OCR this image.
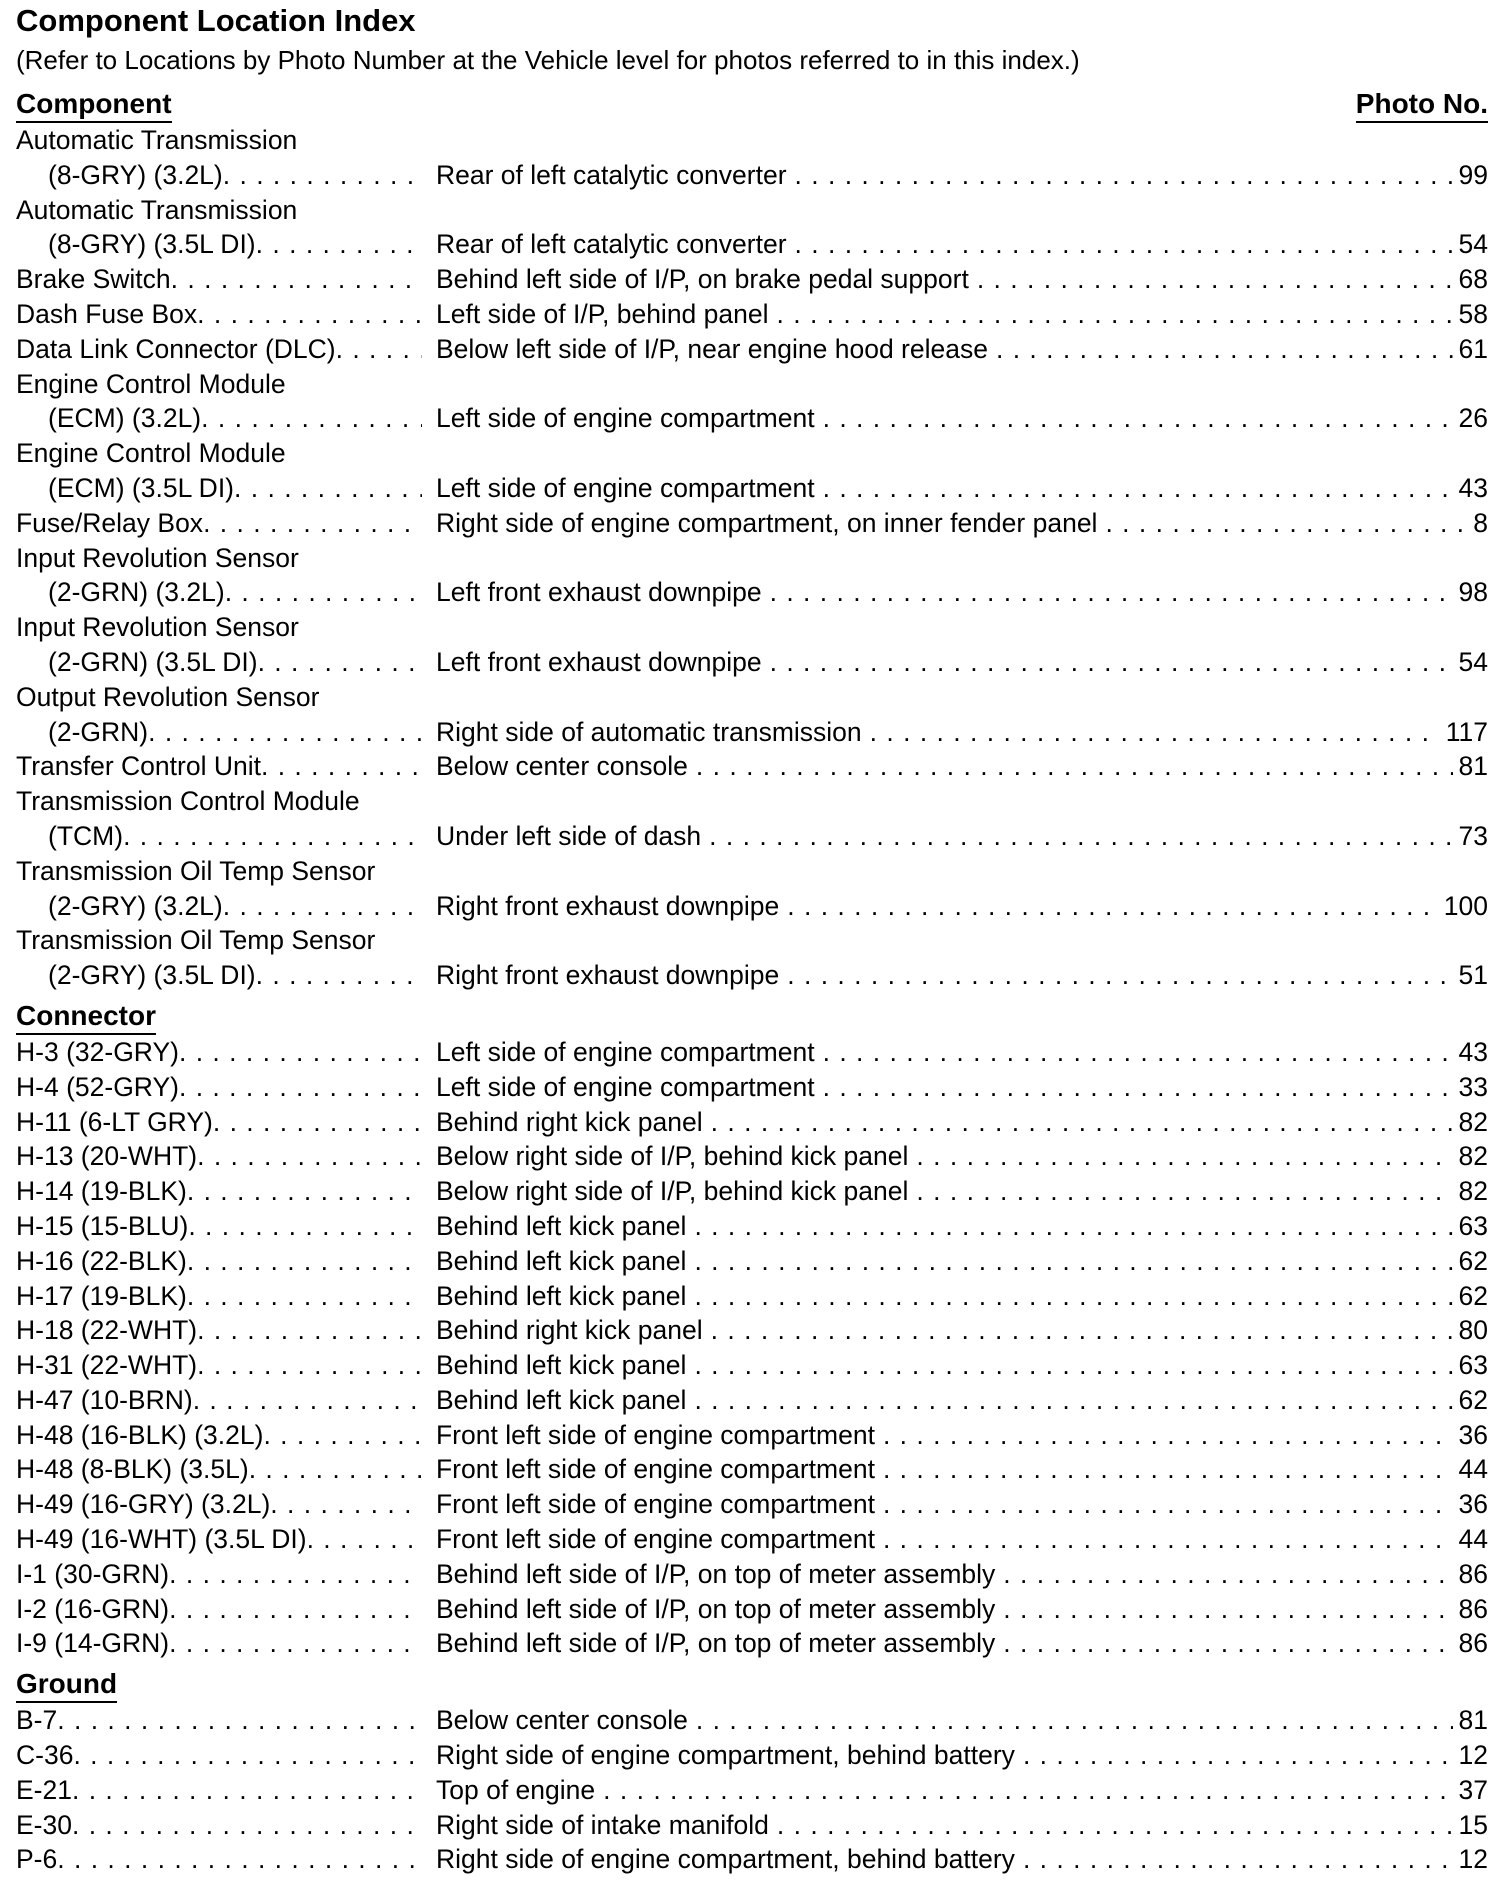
Component Location Index
(Refer to Locations by Photo Number at the Vehicle level for photos referred to in this index.)
Component	Photo No.
Automatic Transmission
(8-GRY) (3.2L) . . .	Rear of left catalytic converter . . .	99
Automatic Transmission
(8-GRY) (3.5L DI) . . .	Rear of left catalytic converter . . .	54
Brake Switch . . .	Behind left side of I/P, on brake pedal support . . .	68
Dash Fuse Box . . .	Left side of I/P, behind panel . . .	58
Data Link Connector (DLC) . . .	Below left side of I/P, near engine hood release . . .	61
Engine Control Module
(ECM) (3.2L) . . .	Left side of engine compartment . . .	26
Engine Control Module
(ECM) (3.5L DI) . . .	Left side of engine compartment . . .	43
Fuse/Relay Box . . .	Right side of engine compartment, on inner fender panel . . .	8
Input Revolution Sensor
(2-GRN) (3.2L) . . .	Left front exhaust downpipe . . .	98
Input Revolution Sensor
(2-GRN) (3.5L DI) . . .	Left front exhaust downpipe . . .	54
Output Revolution Sensor
(2-GRN) . . .	Right side of automatic transmission . . .	117
Transfer Control Unit . . .	Below center console . . .	81
Transmission Control Module
(TCM) . . .	Under left side of dash . . .	73
Transmission Oil Temp Sensor
(2-GRY) (3.2L) . . .	Right front exhaust downpipe . . .	100
Transmission Oil Temp Sensor
(2-GRY) (3.5L DI) . . .	Right front exhaust downpipe . . .	51
Connector
H-3 (32-GRY) . . .	Left side of engine compartment . . .	43
H-4 (52-GRY) . . .	Left side of engine compartment . . .	33
H-11 (6-LT GRY) . . .	Behind right kick panel . . .	82
H-13 (20-WHT) . . .	Below right side of I/P, behind kick panel . . .	82
H-14 (19-BLK) . . .	Below right side of I/P, behind kick panel . . .	82
H-15 (15-BLU) . . .	Behind left kick panel . . .	63
H-16 (22-BLK) . . .	Behind left kick panel . . .	62
H-17 (19-BLK) . . .	Behind left kick panel . . .	62
H-18 (22-WHT) . . .	Behind right kick panel . . .	80
H-31 (22-WHT) . . .	Behind left kick panel . . .	63
H-47 (10-BRN) . . .	Behind left kick panel . . .	62
H-48 (16-BLK) (3.2L) . . .	Front left side of engine compartment . . .	36
H-48 (8-BLK) (3.5L) . . .	Front left side of engine compartment . . .	44
H-49 (16-GRY) (3.2L) . . .	Front left side of engine compartment . . .	36
H-49 (16-WHT) (3.5L DI) . . .	Front left side of engine compartment . . .	44
I-1 (30-GRN) . . .	Behind left side of I/P, on top of meter assembly . . .	86
I-2 (16-GRN) . . .	Behind left side of I/P, on top of meter assembly . . .	86
I-9 (14-GRN) . . .	Behind left side of I/P, on top of meter assembly . . .	86
Ground
B-7 . . .	Below center console . . .	81
C-36 . . .	Right side of engine compartment, behind battery . . .	12
E-21 . . .	Top of engine . . .	37
E-30 . . .	Right side of intake manifold . . .	15
P-6 . . .	Right side of engine compartment, behind battery . . .	12
